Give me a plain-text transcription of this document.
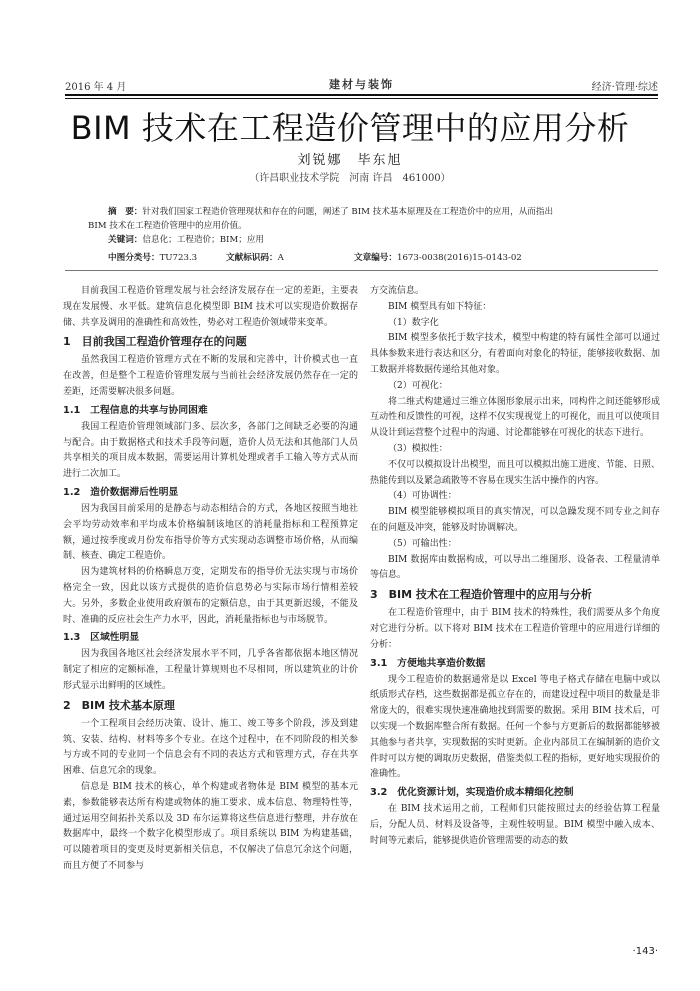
2016 年 4 月	建材与装饰	经济·管理·综述
BIM 技术在工程造价管理中的应用分析
刘锐娜　毕东旭
（许昌职业技术学院　河南 许昌　461000）
摘　要：针对我们国家工程造价管理现状和存在的问题，阐述了 BIM 技术基本原理及在工程造价中的应用，从而指出
BIM 技术在工程造价管理中的应用价值。
关键词：信息化；工程造价；BIM；应用
中图分类号：TU723.3	文献标识码：A	文章编号：1673-0038(2016)15-0143-02

目前我国工程造价管理发展与社会经济发展存在一定的差距，主要表现在发展慢、水平低。建筑信息化模型即 BIM 技术可以实现造价数据存储、共享及调用的准确性和高效性，势必对工程造价领域带来变革。

1　目前我国工程造价管理存在的问题

虽然我国工程造价管理方式在不断的发展和完善中，计价模式也一直在改善，但是整个工程造价管理发展与当前社会经济发展仍然存在一定的差距，还需要解决很多问题。

1.1　工程信息的共享与协同困难

我国工程造价管理领域部门多、层次多，各部门之间缺乏必要的沟通与配合。由于数据格式和技术手段等问题，造价人员无法和其他部门人员共享相关的项目成本数据，需要运用计算机处理或者手工输入等方式从而进行二次加工。

1.2　造价数据滞后性明显

因为我国目前采用的是静态与动态相结合的方式，各地区按照当地社会平均劳动效率和平均成本价格编制该地区的消耗量指标和工程预算定额，通过按季度或月份发布指导价等方式实现动态调整市场价格，从而编制、核查、确定工程造价。

因为建筑材料的价格瞬息万变，定期发布的指导价无法实现与市场价格完全一致，因此以该方式提供的造价信息势必与实际市场行情相差较大。另外，多数企业使用政府颁布的定额信息，由于其更新迟缓，不能及时、准确的反应社会生产力水平，因此，消耗量指标也与市场脱节。

1.3　区域性明显

因为我国各地区社会经济发展水平不同，几乎各省都依据本地区情况制定了相应的定额标准，工程量计算规则也不尽相同，所以建筑业的计价形式显示出鲜明的区域性。

2　BIM 技术基本原理

一个工程项目会经历决策、设计、施工、竣工等多个阶段，涉及到建筑、安装、结构、材料等多个专业。在这个过程中，在不同阶段的相关参与方或不同的专业同一个信息会有不同的表达方式和管理方式，存在共享困难、信息冗余的现象。

信息是 BIM 技术的核心，单个构建或者物体是 BIM 模型的基本元素，参数能够表达所有构建或物体的施工要求、成本信息、物理特性等，通过运用空间拓扑关系以及 3D 布尔运算将这些信息进行整理，并存放在数据库中，最终一个数字化模型形成了。项目系统以 BIM 为构建基础，可以随着项目的变更及时更新相关信息，不仅解决了信息冗余这个问题，而且方便了不同参与

方交流信息。

BIM 模型具有如下特征：

（1）数字化

BIM 模型多依托于数字技术，模型中构建的特有属性全部可以通过具体参数来进行表达和区分，有着面向对象化的特征，能够接收数据、加工数据并将数据传递给其他对象。

（2）可视化：

将二维式构建通过三维立体图形象展示出来，同构件之间还能够形成互动性和反馈性的可视，这样不仅实现视觉上的可视化，而且可以使项目从设计到运营整个过程中的沟通、讨论都能够在可视化的状态下进行。

（3）模拟性：

不仅可以模拟设计出模型，而且可以模拟出施工进度、节能、日照、热能传到以及紧急疏散等不容易在现实生活中操作的内容。

（4）可协调性：

BIM 模型能够模拟项目的真实情况，可以急躁发现不同专业之间存在的问题及冲突，能够及时协调解决。

（5）可输出性：

BIM 数据库由数据构成，可以导出二维图形、设备表、工程量清单等信息。

3　BIM 技术在工程造价管理中的应用与分析

在工程造价管理中，由于 BIM 技术的特殊性，我们需要从多个角度对它进行分析。以下将对 BIM 技术在工程造价管理中的应用进行详细的分析：

3.1　方便地共享造价数据

现今工程造价的数据通常是以 Excel 等电子格式存储在电脑中或以纸质形式存档，这些数据都是孤立存在的，而建设过程中项目的数量是非常庞大的，很难实现快速准确地找到需要的数据。采用 BIM 技术后，可以实现一个数据库整合所有数据。任何一个参与方更新后的数据都能够被其他参与者共享，实现数据的实时更新。企业内部员工在编制新的造价文件时可以方便的调取历史数据，借鉴类似工程的指标，更好地实现报价的准确性。

3.2　优化资源计划，实现造价成本精细化控制

在 BIM 技术运用之前，工程师们只能按照过去的经验估算工程量后，分配人员、材料及设备等，主观性较明显。BIM 模型中融入成本、时间等元素后，能够提供造价管理需要的动态的数

·143·
